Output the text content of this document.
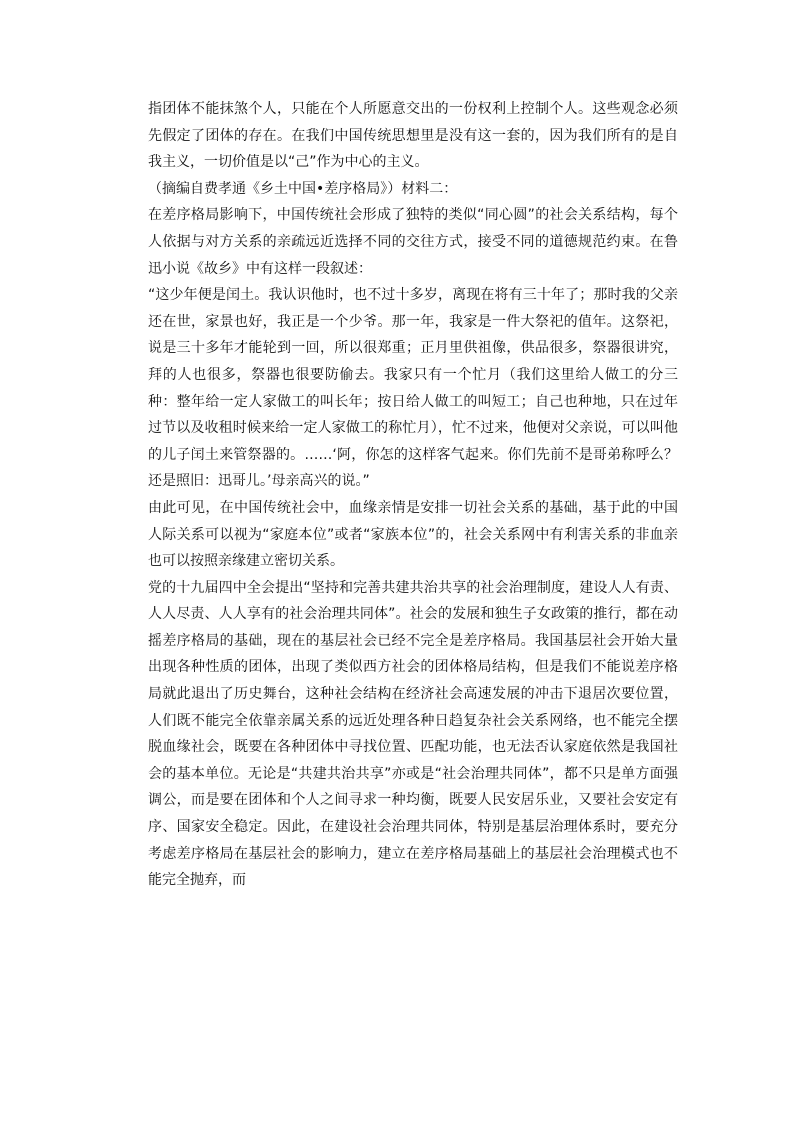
指团体不能抹煞个人，只能在个人所愿意交出的一份权利上控制个人。这些观念必须先假定了团体的存在。在我们中国传统思想里是没有这一套的，因为我们所有的是自我主义，一切价值是以“己”作为中心的主义。

（摘编自费孝通《乡土中国•差序格局》）材料二：

在差序格局影响下，中国传统社会形成了独特的类似“同心圆”的社会关系结构，每个人依据与对方关系的亲疏远近选择不同的交往方式，接受不同的道德规范约束。在鲁迅小说《故乡》中有这样一段叙述：

“这少年便是闰土。我认识他时，也不过十多岁，离现在将有三十年了；那时我的父亲还在世，家景也好，我正是一个少爷。那一年，我家是一件大祭祀的值年。这祭祀，说是三十多年才能轮到一回，所以很郑重；正月里供祖像，供品很多，祭器很讲究，拜的人也很多，祭器也很要防偷去。我家只有一个忙月（我们这里给人做工的分三种：整年给一定人家做工的叫长年；按日给人做工的叫短工；自己也种地，只在过年过节以及收租时候来给一定人家做工的称忙月），忙不过来，他便对父亲说，可以叫他的儿子闰土来管祭器的。……‘阿，你怎的这样客气起来。你们先前不是哥弟称呼么？还是照旧：迅哥儿。’母亲高兴的说。”

由此可见，在中国传统社会中，血缘亲情是安排一切社会关系的基础，基于此的中国人际关系可以视为“家庭本位”或者“家族本位”的，社会关系网中有利害关系的非血亲也可以按照亲缘建立密切关系。

党的十九届四中全会提出“坚持和完善共建共治共享的社会治理制度，建设人人有责、人人尽责、人人享有的社会治理共同体”。社会的发展和独生子女政策的推行，都在动摇差序格局的基础，现在的基层社会已经不完全是差序格局。我国基层社会开始大量出现各种性质的团体，出现了类似西方社会的团体格局结构，但是我们不能说差序格局就此退出了历史舞台，这种社会结构在经济社会高速发展的冲击下退居次要位置，人们既不能完全依靠亲属关系的远近处理各种日趋复杂社会关系网络，也不能完全摆脱血缘社会，既要在各种团体中寻找位置、匹配功能，也无法否认家庭依然是我国社会的基本单位。无论是“共建共治共享”亦或是“社会治理共同体”，都不只是单方面强调公，而是要在团体和个人之间寻求一种均衡，既要人民安居乐业，又要社会安定有序、国家安全稳定。因此，在建设社会治理共同体，特别是基层治理体系时，要充分考虑差序格局在基层社会的影响力，建立在差序格局基础上的基层社会治理模式也不能完全抛弃，而
